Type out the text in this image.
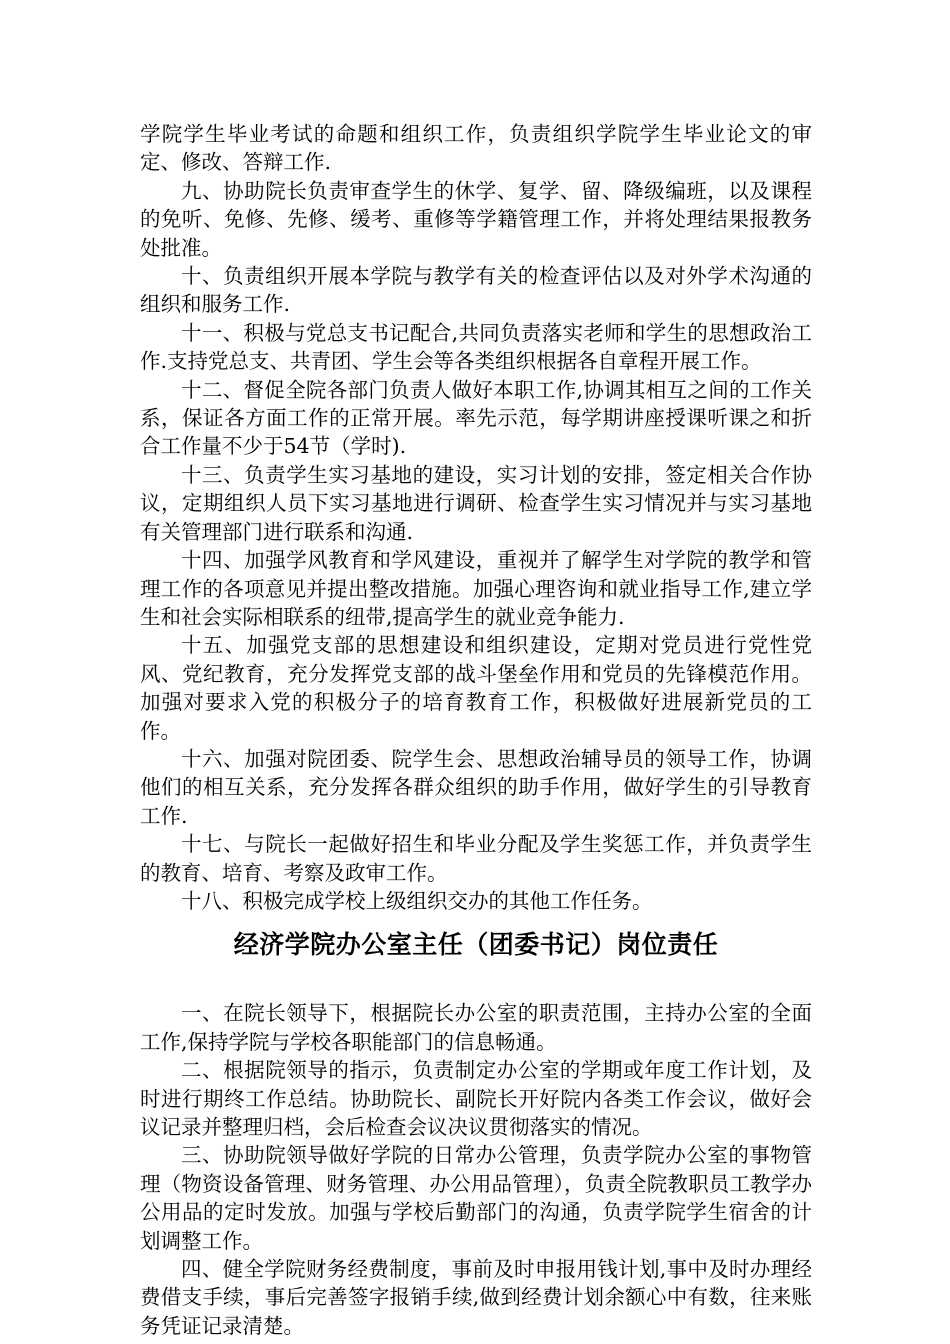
学院学生毕业考试的命题和组织工作，负责组织学院学生毕业论文的审定、修改、答辩工作.

九、协助院长负责审查学生的休学、复学、留、降级编班，以及课程的免听、免修、先修、缓考、重修等学籍管理工作，并将处理结果报教务处批准。

十、负责组织开展本学院与教学有关的检查评估以及对外学术沟通的组织和服务工作.

十一、积极与党总支书记配合,共同负责落实老师和学生的思想政治工作.支持党总支、共青团、学生会等各类组织根据各自章程开展工作。

十二、督促全院各部门负责人做好本职工作,协调其相互之间的工作关系，保证各方面工作的正常开展。率先示范，每学期讲座授课听课之和折合工作量不少于54节（学时).

十三、负责学生实习基地的建设，实习计划的安排，签定相关合作协议，定期组织人员下实习基地进行调研、检查学生实习情况并与实习基地有关管理部门进行联系和沟通.

十四、加强学风教育和学风建设，重视并了解学生对学院的教学和管理工作的各项意见并提出整改措施。加强心理咨询和就业指导工作,建立学生和社会实际相联系的纽带,提高学生的就业竞争能力.

十五、加强党支部的思想建设和组织建设，定期对党员进行党性党风、党纪教育，充分发挥党支部的战斗堡垒作用和党员的先锋模范作用。加强对要求入党的积极分子的培育教育工作，积极做好进展新党员的工作。

十六、加强对院团委、院学生会、思想政治辅导员的领导工作，协调他们的相互关系，充分发挥各群众组织的助手作用，做好学生的引导教育工作.

十七、与院长一起做好招生和毕业分配及学生奖惩工作，并负责学生的教育、培育、考察及政审工作。

十八、积极完成学校上级组织交办的其他工作任务。

经济学院办公室主任（团委书记）岗位责任

一、在院长领导下，根据院长办公室的职责范围，主持办公室的全面工作,保持学院与学校各职能部门的信息畅通。

二、根据院领导的指示，负责制定办公室的学期或年度工作计划，及时进行期终工作总结。协助院长、副院长开好院内各类工作会议，做好会议记录并整理归档，会后检查会议决议贯彻落实的情况。

三、协助院领导做好学院的日常办公管理，负责学院办公室的事物管理（物资设备管理、财务管理、办公用品管理），负责全院教职员工教学办公用品的定时发放。加强与学校后勤部门的沟通，负责学院学生宿舍的计划调整工作。

四、健全学院财务经费制度，事前及时申报用钱计划,事中及时办理经费借支手续，事后完善签字报销手续,做到经费计划余额心中有数，往来账务凭证记录清楚。
